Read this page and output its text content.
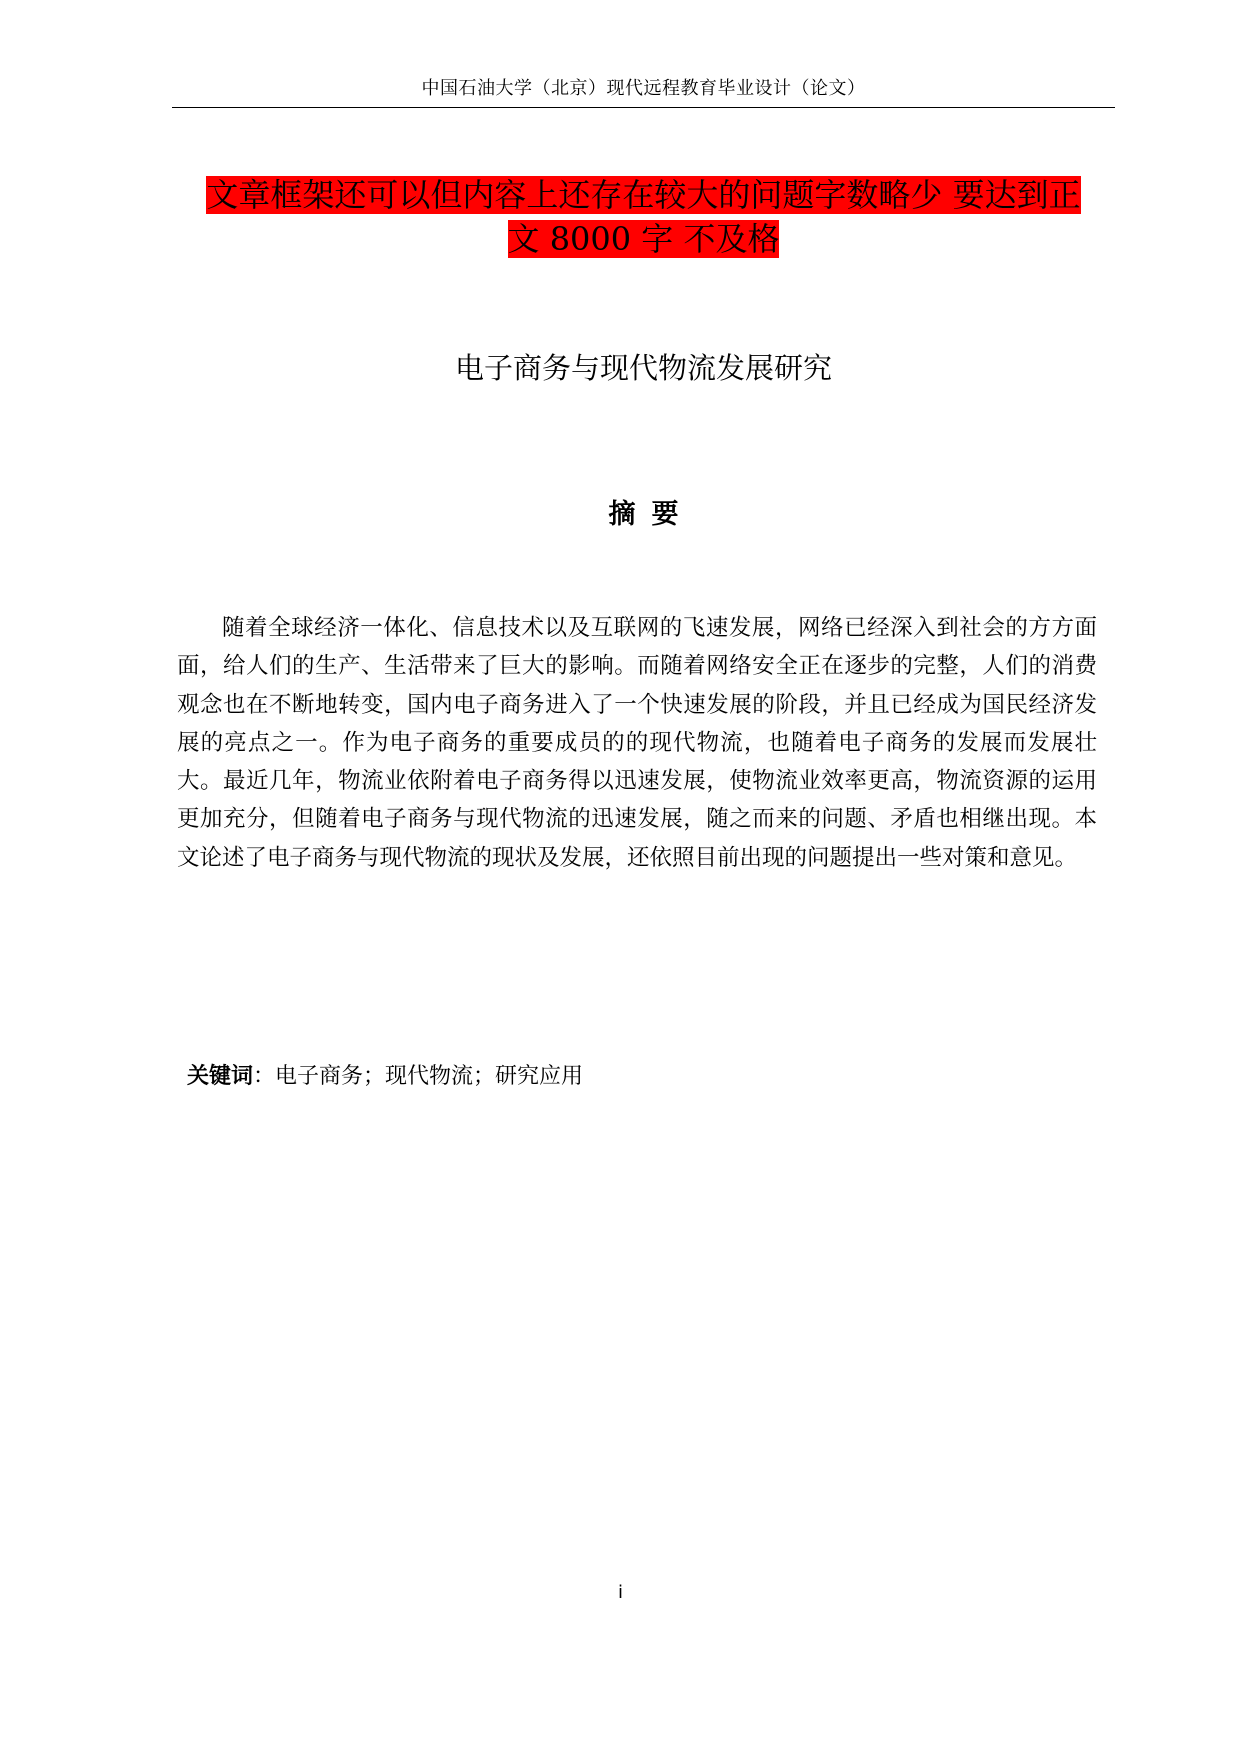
中国石油大学（北京）现代远程教育毕业设计（论文）
文章框架还可以但内容上还存在较大的问题字数略少 要达到正
文 8000 字 不及格
电子商务与现代物流发展研究
摘要
随着全球经济一体化、信息技术以及互联网的飞速发展，网络已经深入到社会的方方面面，给人们的生产、生活带来了巨大的影响。而随着网络安全正在逐步的完整，人们的消费观念也在不断地转变，国内电子商务进入了一个快速发展的阶段，并且已经成为国民经济发展的亮点之一。作为电子商务的重要成员的的现代物流，也随着电子商务的发展而发展壮大。最近几年，物流业依附着电子商务得以迅速发展，使物流业效率更高，物流资源的运用更加充分，但随着电子商务与现代物流的迅速发展，随之而来的问题、矛盾也相继出现。本文论述了电子商务与现代物流的现状及发展，还依照目前出现的问题提出一些对策和意见。
关键词：电子商务；现代物流；研究应用
i
